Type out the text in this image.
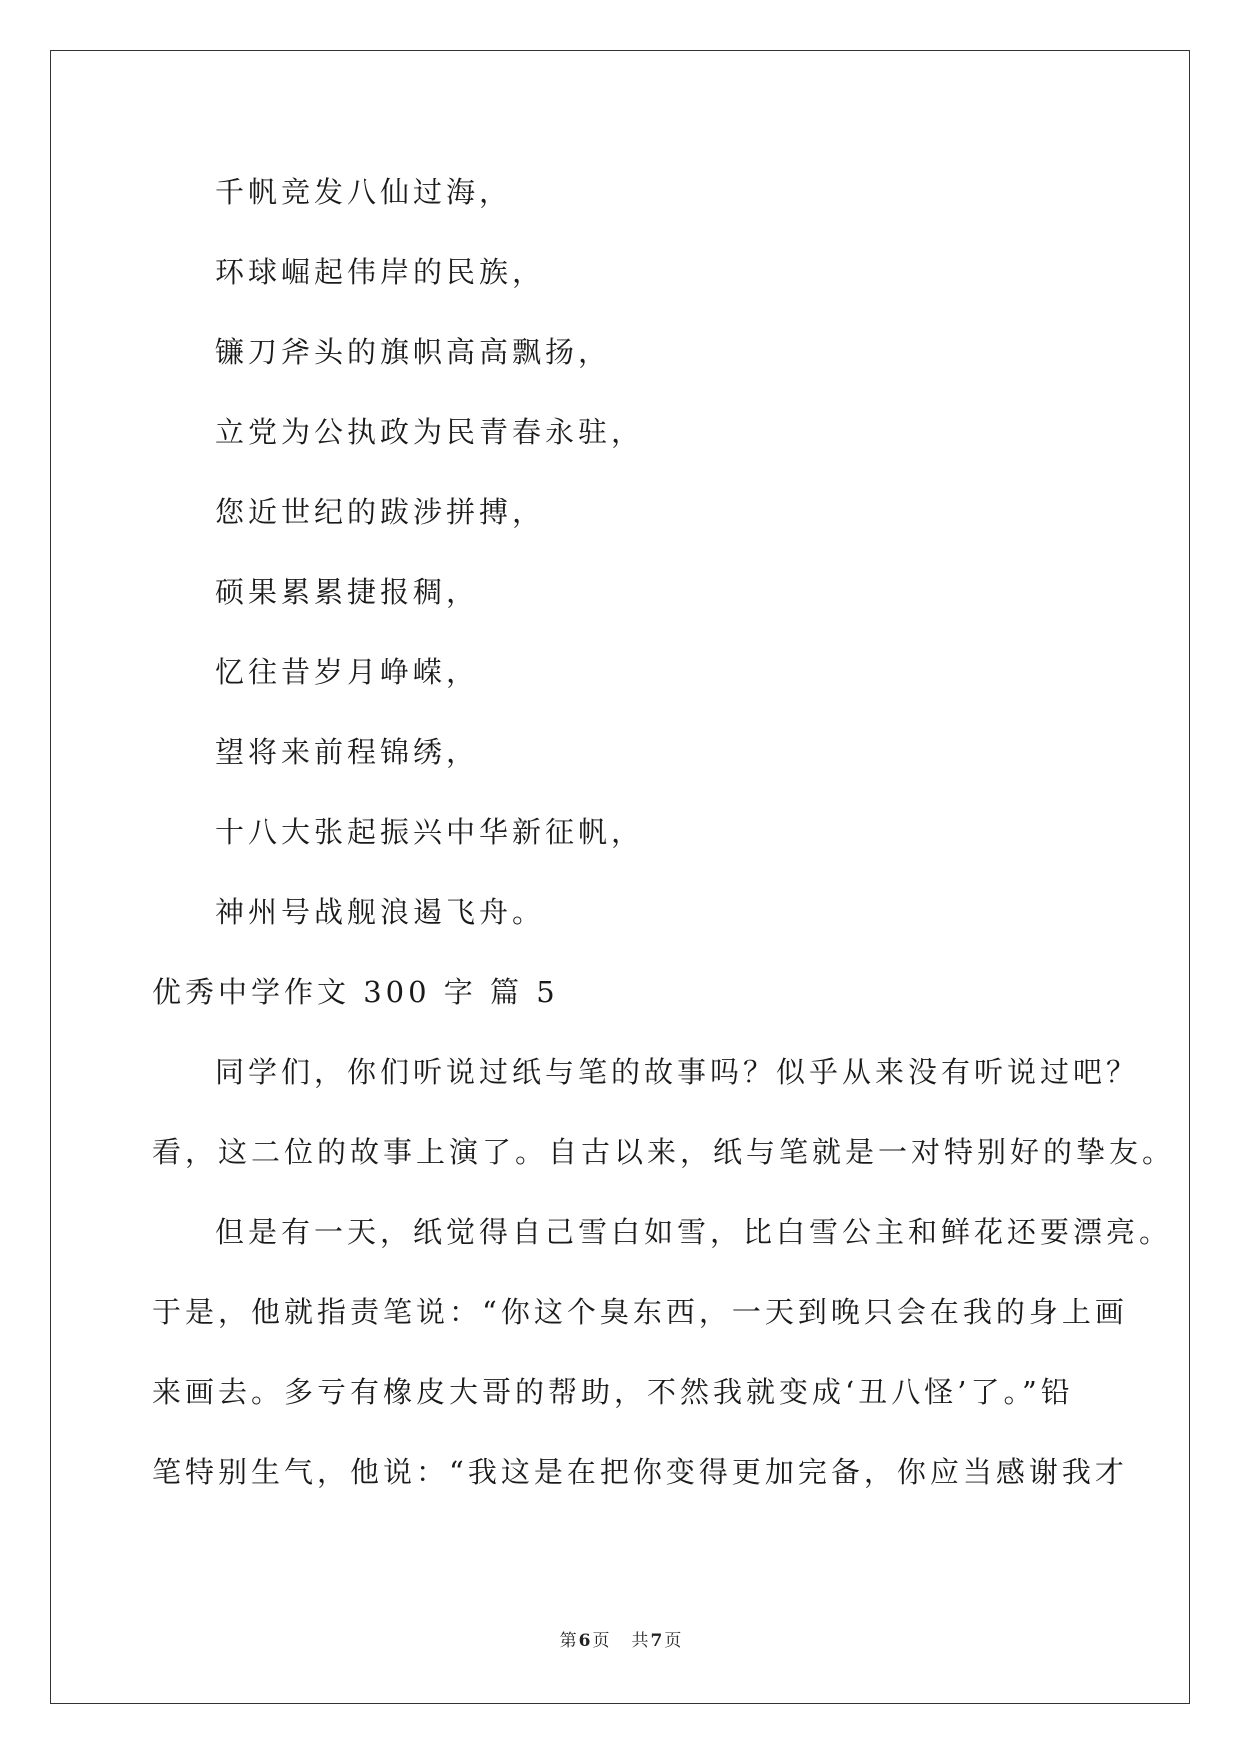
千帆竞发八仙过海，
环球崛起伟岸的民族，
镰刀斧头的旗帜高高飘扬，
立党为公执政为民青春永驻，
您近世纪的跋涉拼搏，
硕果累累捷报稠，
忆往昔岁月峥嵘，
望将来前程锦绣，
十八大张起振兴中华新征帆，
神州号战舰浪遏飞舟。
优秀中学作文 300 字 篇 5
同学们，你们听说过纸与笔的故事吗？似乎从来没有听说过吧？
看，这二位的故事上演了。自古以来，纸与笔就是一对特别好的挚友。
但是有一天，纸觉得自己雪白如雪，比白雪公主和鲜花还要漂亮。
于是，他就指责笔说：“你这个臭东西，一天到晚只会在我的身上画
来画去。多亏有橡皮大哥的帮助，不然我就变成‘丑八怪’了。”铅
笔特别生气，他说：“我这是在把你变得更加完备，你应当感谢我才
第 6 页 共 7 页
